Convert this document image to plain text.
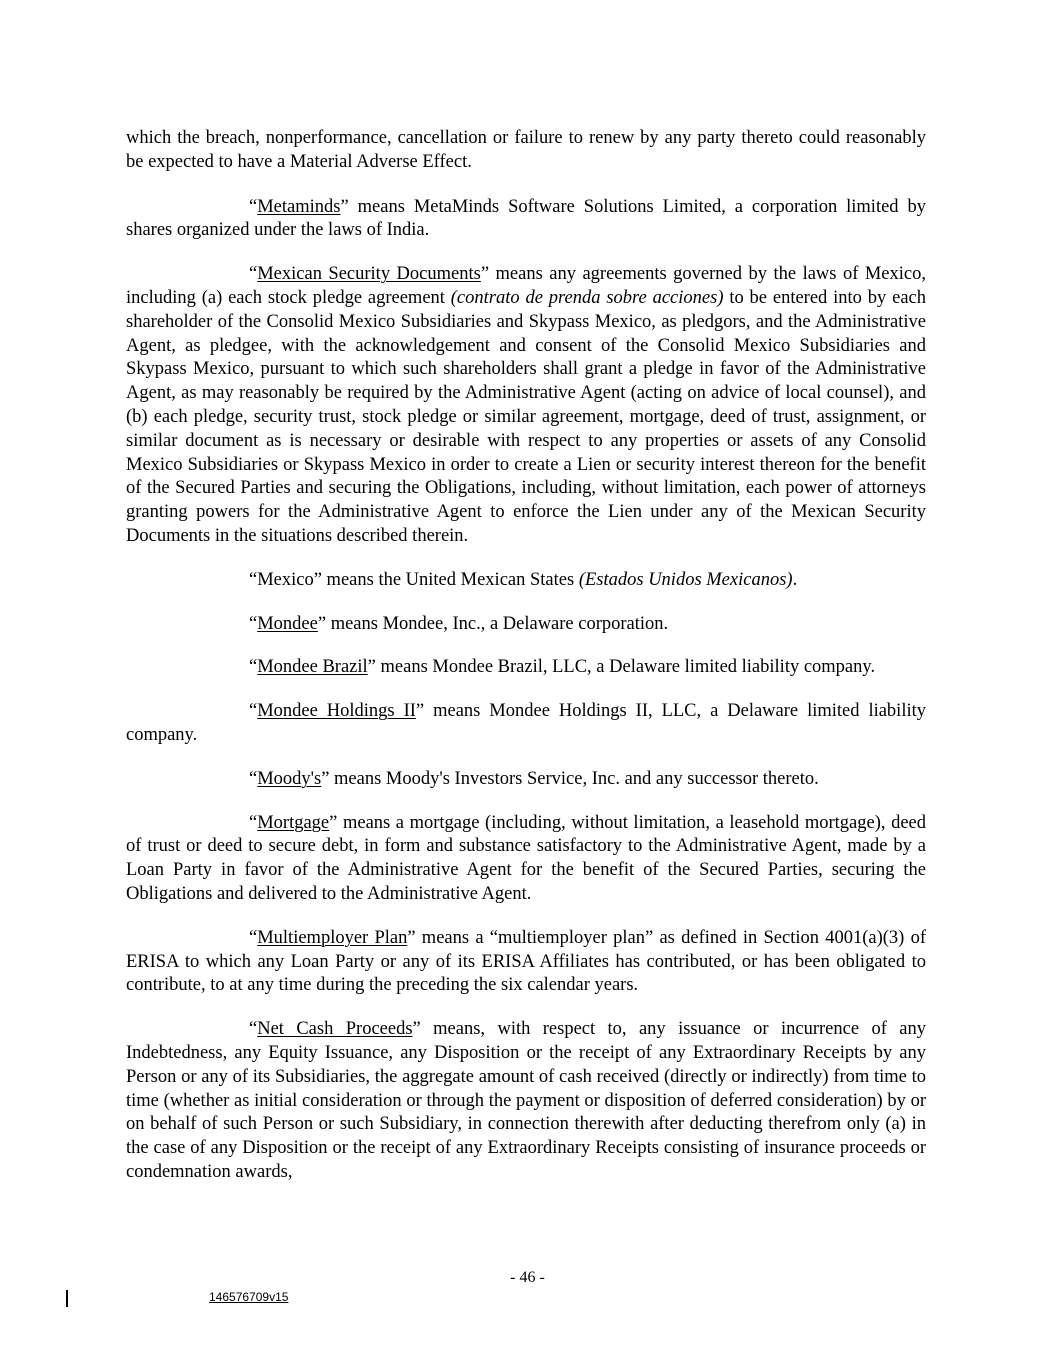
which the breach, nonperformance, cancellation or failure to renew by any party thereto could reasonably be expected to have a Material Adverse Effect.

“Metaminds” means MetaMinds Software Solutions Limited, a corporation limited by shares organized under the laws of India.

“Mexican Security Documents” means any agreements governed by the laws of Mexico, including (a) each stock pledge agreement (contrato de prenda sobre acciones) to be entered into by each shareholder of the Consolid Mexico Subsidiaries and Skypass Mexico, as pledgors, and the Administrative Agent, as pledgee, with the acknowledgement and consent of the Consolid Mexico Subsidiaries and Skypass Mexico, pursuant to which such shareholders shall grant a pledge in favor of the Administrative Agent, as may reasonably be required by the Administrative Agent (acting on advice of local counsel), and (b) each pledge, security trust, stock pledge or similar agreement, mortgage, deed of trust, assignment, or similar document as is necessary or desirable with respect to any properties or assets of any Consolid Mexico Subsidiaries or Skypass Mexico in order to create a Lien or security interest thereon for the benefit of the Secured Parties and securing the Obligations, including, without limitation, each power of attorneys granting powers for the Administrative Agent to enforce the Lien under any of the Mexican Security Documents in the situations described therein.

“Mexico” means the United Mexican States (Estados Unidos Mexicanos).

“Mondee” means Mondee, Inc., a Delaware corporation.

“Mondee Brazil” means Mondee Brazil, LLC, a Delaware limited liability company.

“Mondee Holdings II” means Mondee Holdings II, LLC, a Delaware limited liability company.

“Moody's” means Moody's Investors Service, Inc. and any successor thereto.

“Mortgage” means a mortgage (including, without limitation, a leasehold mortgage), deed of trust or deed to secure debt, in form and substance satisfactory to the Administrative Agent, made by a Loan Party in favor of the Administrative Agent for the benefit of the Secured Parties, securing the Obligations and delivered to the Administrative Agent.

“Multiemployer Plan” means a “multiemployer plan” as defined in Section 4001(a)(3) of ERISA to which any Loan Party or any of its ERISA Affiliates has contributed, or has been obligated to contribute, to at any time during the preceding the six calendar years.

“Net Cash Proceeds” means, with respect to, any issuance or incurrence of any Indebtedness, any Equity Issuance, any Disposition or the receipt of any Extraordinary Receipts by any Person or any of its Subsidiaries, the aggregate amount of cash received (directly or indirectly) from time to time (whether as initial consideration or through the payment or disposition of deferred consideration) by or on behalf of such Person or such Subsidiary, in connection therewith after deducting therefrom only (a) in the case of any Disposition or the receipt of any Extraordinary Receipts consisting of insurance proceeds or condemnation awards,

- 46 -
146576709v15
